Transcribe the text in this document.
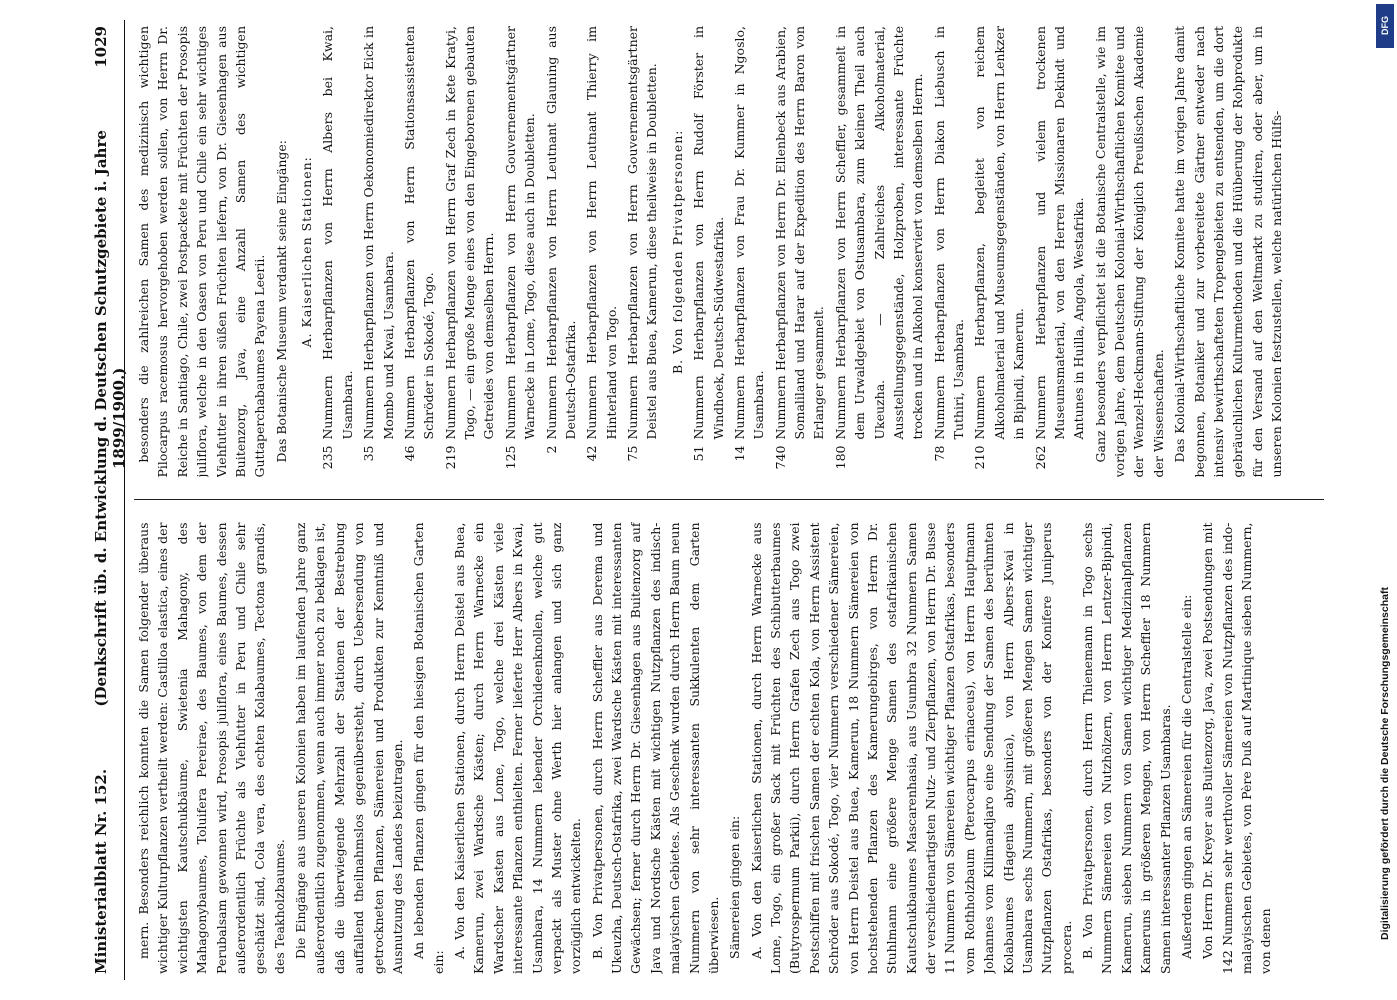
Ministerialblatt Nr. 152.
(Denkschrift üb. d. Entwicklung d. Deutschen Schutzgebiete i. Jahre 1899/1900.)
1029

mern. Besonders reichlich konnten die Samen folgender überaus wichtiger Kulturpflanzen vertheilt werden: Castilloa elastica, eines der wichtigsten Kautschukbäume, Swietenia Mahagony, des Mahagonybaumes, Toluifera Pereirae, des Baumes, von dem der Perubalsam gewonnen wird, Prosopis juliflora, eines Baumes, dessen außerordentlich Früchte als Viehfutter in Peru und Chile sehr geschätzt sind, Cola vera, des echten Kolabaumes, Tectona grandis, des Teakholzbaumes. Die Eingänge aus unseren Kolonien haben im laufenden Jahre ganz außerordentlich zugenommen, wenn auch immer noch zu beklagen ist, daß die überwiegende Mehrzahl der Stationen der Bestrebung auffallend theilnahmslos gegenübersteht, durch Uebersendung von getrockneten Pflanzen, Sämereien und Produkten zur Kenntniß und Ausnutzung des Landes beizutragen. An lebenden Pflanzen gingen für den hiesigen Botanischen Garten ein:

A. Von den Kaiserlichen Stationen, durch Herrn Deistel aus Buea, Kamerun, zwei Wardsche Kästen; durch Herrn Warnecke ein Wardscher Kasten aus Lome, Togo, welche drei Kästen viele interessante Pflanzen enthielten. Ferner lieferte Herr Albers in Kwai, Usambara, 14 Nummern lebender Orchideenknollen, welche gut verpackt als Muster ohne Werth hier anlangen und sich ganz vorzüglich entwickelten. B. Von Privatpersonen, durch Herrn Scheffler aus Derema und Ukeuzha, Deutsch-Ostafrika, zwei Wardsche Kästen mit interessanten Gewächsen; ferner durch Herrn Dr. Giesenhagen aus Buitenzorg auf Java und Nordsche Kästen mit wichtigen Nutzpflanzen des indisch-malayischen Gebietes. Als Geschenk wurden durch Herrn Baum neun Nummern von sehr interessanten Sukkulenten dem Garten überwiesen. Sämereien gingen ein: A. Von den Kaiserlichen Stationen, durch Herrn Warnecke aus Lome, Togo, ein großer Sack mit Früchten des Schibutterbaumes (Butyrospermum Parkii), durch Herrn Grafen Zech aus Togo zwei Postschiffen mit frischen Samen der echten Kola, von Herrn Assistent Schröder aus Sokodé, Togo, vier Nummern verschiedener Sämereien, von Herrn Deistel aus Buea, Kamerun, 18 Nummern Sämereien von hochstehenden Pflanzen des Kamerungebirges, von Herrn Dr. Stuhlmann eine größere Menge Samen des ostafrikanischen Kautschukbaumes Mascarenhasia, aus Usumbra 32 Nummern Samen der verschiedenartigsten Nutz- und Zierpflanzen, von Herrn Dr. Busse 11 Nummern von Sämereien wichtiger Pflanzen Ostafrikas, besonders vom Rothholzbaum (Pterocarpus erinaceus), von Herrn Hauptmann Johannes vom Kilimandjaro eine Sendung der Samen des berühmten Kolabaumes (Hagenia abyssinica), von Herrn Albers-Kwai in Usambara sechs Nummern, mit größeren Mengen Samen wichtiger Nutzpflanzen Ostafrikas, besonders von der Konifere Juniperus procera. B. Von Privatpersonen, durch Herrn Thienemann in Togo sechs Nummern Sämereien von Nutzhölzern, von Herrn Lentzer-Bipindi, Kamerun, sieben Nummern von Samen wichtiger Medizinalpflanzen Kameruns in größeren Mengen, von Herrn Scheffler 18 Nummern Samen interessanter Pflanzen Usambaras. Außerdem gingen an Sämereien für die Centralstelle ein: Von Herrn Dr. Kreyer aus Buitenzorg, Java, zwei Postsendungen mit 142 Nummern sehr werthvoller Sämereien von Nutzpflanzen des indo-malayischen Gebietes, von Père Duß auf Martinique sieben Nummern, von denen

besonders die zahlreichen Samen des medizinisch wichtigen Pilocarpus racemosus hervorgehoben werden sollen, von Herrn Dr. Reiche in Santiago, Chile, zwei Postpackete mit Früchten der Prosopis juliflora, welche in den Oasen von Peru und Chile ein sehr wichtiges Viehfutter in ihren süßen Früchten liefern, von Dr. Giesenhagen aus Buitenzorg, Java, eine Anzahl Samen des wichtigen Guttaperchabaumes Payena Leerii. Das Botanische Museum verdankt seine Eingänge: A. Kaiserlichen Stationen:
235
Nummern Herbarpflanzen von Herrn Albers bei Kwai, Usambara.
35
Nummern Herbarpflanzen von Herrn Oekonomiedirektor Eick in Mombo und Kwai, Usambara.
46
Nummern Herbarpflanzen von Herrn Stationsassistenten Schröder in Sokodé, Togo.
219
Nummern Herbarpflanzen von Herrn Graf Zech in Kete Kratyi, Togo, — ein große Menge eines von den Eingeborenen gebauten Getreides von demselben Herrn.
125
Nummern Herbarpflanzen von Herrn Gouvernementsgärtner Warnecke in Lome, Togo, diese auch in Doubletten.
2
Nummern Herbarpflanzen von Herrn Leutnant Glauning aus Deutsch-Ostafrika.
42
Nummern Herbarpflanzen von Herrn Leutnant Thierry im Hinterland von Togo.
75
Nummern Herbarpflanzen von Herrn Gouvernementsgärtner Deistel aus Buea, Kamerun, diese theilweise in Doubletten. B. Von folgenden Privatpersonen:
51
Nummern Herbarpflanzen von Herrn Rudolf Förster in Windhoek, Deutsch-Südwestafrika.
14
Nummern Herbarpflanzen von Frau Dr. Kummer in Ngoslo, Usambara.
740
Nummern Herbarpflanzen von Herrn Dr. Ellenbeck aus Arabien, Somaliland und Harar auf der Expedition des Herrn Baron von Erlanger gesammelt.
180
Nummern Herbarpflanzen von Herrn Scheffler, gesammelt in dem Urwaldgebiet von Ostusambara, zum kleinen Theil auch Ukeuzha. — Zahlreiches Alkoholmaterial, Ausstellungsgegenstände, Holzproben, interessante Früchte trocken und in Alkohol konserviert von demselben Herrn.
78
Nummern Herbarpflanzen von Herrn Diakon Liebusch in Tuthiri, Usambara.
210
Nummern Herbarpflanzen, begleitet von reichem Alkoholmaterial und Museumsgegenständen, von Herrn Lenkzer in Bipindi, Kamerun.
262
Nummern Herbarpflanzen und vielem trockenen Museumsmaterial, von den Herren Missionaren Dekindt und Antunes in Huilla, Angola, Westafrika. Ganz besonders verpflichtet ist die Botanische Centralstelle, wie im vorigen Jahre, dem Deutschen Kolonial-Wirthschaftlichen Komitee und der Wenzel-Heckmann-Stiftung der Königlich Preußischen Akademie der Wissenschaften. Das Kolonial-Wirthschaftliche Komitee hatte im vorigen Jahre damit begonnen, Botaniker und zur vorbereitete Gärtner entweder nach intensiv bewirthschafteten Tropengebieten zu entsenden, um die dort gebräuchlichen Kulturmethoden und die Hüüberung der Rohprodukte für den Versand auf den Weltmarkt zu studiren, oder aber, um in unseren Kolonien festzustellen, welche natürlichen Hülfs-

DFG
Digitalisierung gefördert durch die Deutsche Forschungsgemeinschaft
